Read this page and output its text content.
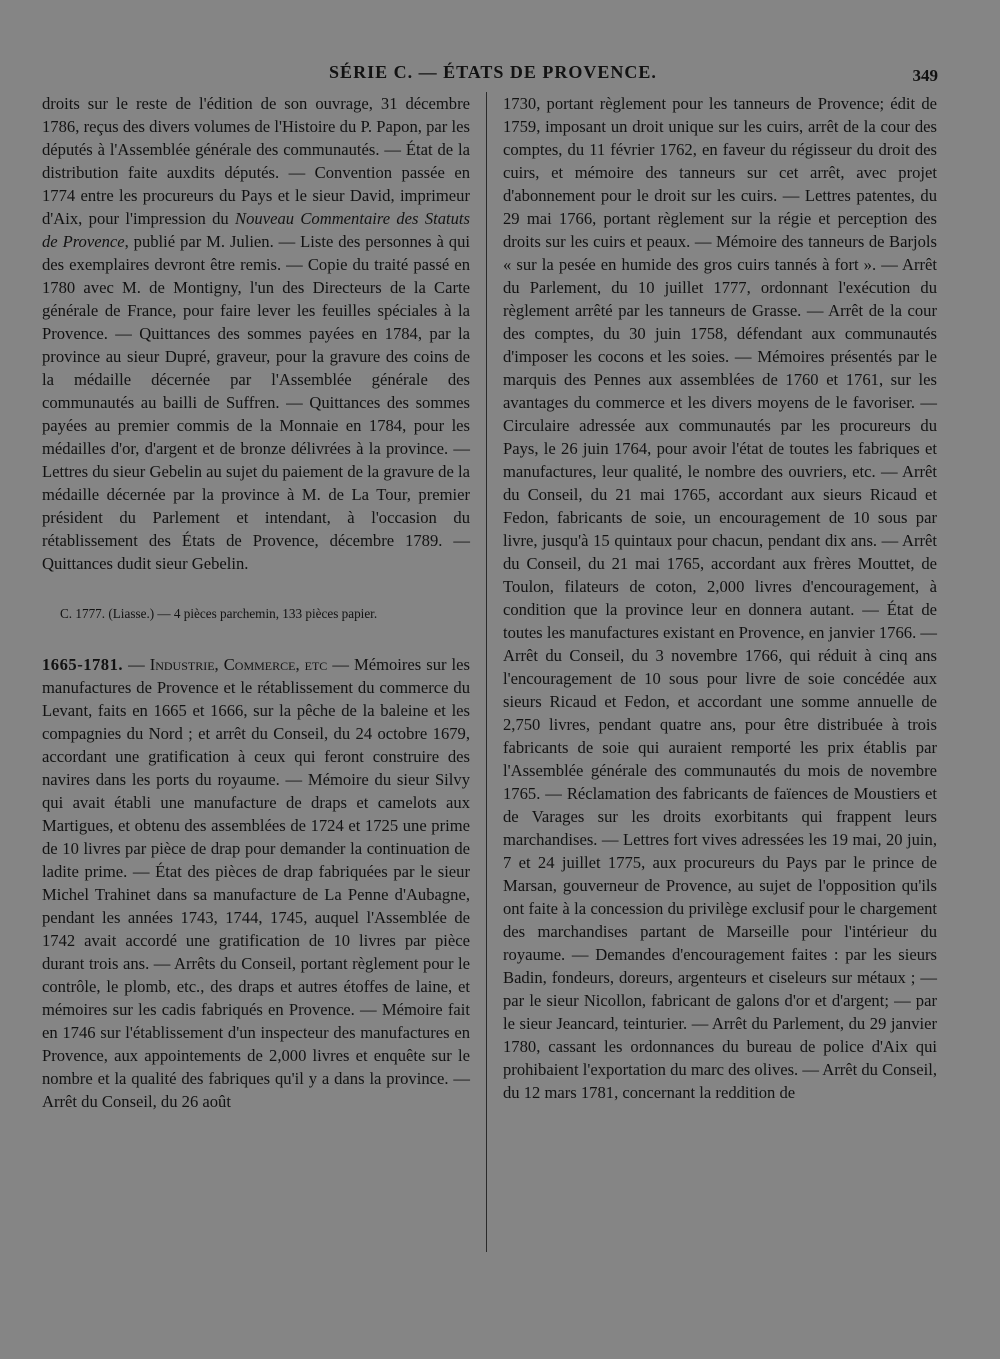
SÉRIE C. — ÉTATS DE PROVENCE.	349

droits sur le reste de l'édition de son ouvrage, 31 décembre 1786, reçus des divers volumes de l'Histoire du P. Papon, par les députés à l'Assemblée générale des communautés. — État de la distribution faite auxdits députés. — Convention passée en 1774 entre les procureurs du Pays et le sieur David, imprimeur d'Aix, pour l'impression du Nouveau Commentaire des Statuts de Provence, publié par M. Julien. — Liste des personnes à qui des exemplaires devront être remis. — Copie du traité passé en 1780 avec M. de Montigny, l'un des Directeurs de la Carte générale de France, pour faire lever les feuilles spéciales à la Provence. — Quittances des sommes payées en 1784, par la province au sieur Dupré, graveur, pour la gravure des coins de la médaille décernée par l'Assemblée générale des communautés au bailli de Suffren. — Quittances des sommes payées au premier commis de la Monnaie en 1784, pour les médailles d'or, d'argent et de bronze délivrées à la province. — Lettres du sieur Gebelin au sujet du paiement de la gravure de la médaille décernée par la province à M. de La Tour, premier président du Parlement et intendant, à l'occasion du rétablissement des États de Provence, décembre 1789. — Quittances dudit sieur Gebelin.

C. 1777. (Liasse.) — 4 pièces parchemin, 133 pièces papier.

1665-1781. — Industrie, Commerce, etc — Mémoires sur les manufactures de Provence et le rétablissement du commerce du Levant, faits en 1665 et 1666, sur la pêche de la baleine et les compagnies du Nord ; et arrêt du Conseil, du 24 octobre 1679, accordant une gratification à ceux qui feront construire des navires dans les ports du royaume. — Mémoire du sieur Silvy qui avait établi une manufacture de draps et camelots aux Martigues, et obtenu des assemblées de 1724 et 1725 une prime de 10 livres par pièce de drap pour demander la continuation de ladite prime. — État des pièces de drap fabriquées par le sieur Michel Trahinet dans sa manufacture de La Penne d'Aubagne, pendant les années 1743, 1744, 1745, auquel l'Assemblée de 1742 avait accordé une gratification de 10 livres par pièce durant trois ans. — Arrêts du Conseil, portant règlement pour le contrôle, le plomb, etc., des draps et autres étoffes de laine, et mémoires sur les cadis fabriqués en Provence. — Mémoire fait en 1746 sur l'établissement d'un inspecteur des manufactures en Provence, aux appointements de 2,000 livres et enquête sur le nombre et la qualité des fabriques qu'il y a dans la province. — Arrêt du Conseil, du 26 août

1730, portant règlement pour les tanneurs de Provence; édit de 1759, imposant un droit unique sur les cuirs, arrêt de la cour des comptes, du 11 février 1762, en faveur du régisseur du droit des cuirs, et mémoire des tanneurs sur cet arrêt, avec projet d'abonnement pour le droit sur les cuirs. — Lettres patentes, du 29 mai 1766, portant règlement sur la régie et perception des droits sur les cuirs et peaux. — Mémoire des tanneurs de Barjols « sur la pesée en humide des gros cuirs tannés à fort ». — Arrêt du Parlement, du 10 juillet 1777, ordonnant l'exécution du règlement arrêté par les tanneurs de Grasse. — Arrêt de la cour des comptes, du 30 juin 1758, défendant aux communautés d'imposer les cocons et les soies. — Mémoires présentés par le marquis des Pennes aux assemblées de 1760 et 1761, sur les avantages du commerce et les divers moyens de le favoriser. — Circulaire adressée aux communautés par les procureurs du Pays, le 26 juin 1764, pour avoir l'état de toutes les fabriques et manufactures, leur qualité, le nombre des ouvriers, etc. — Arrêt du Conseil, du 21 mai 1765, accordant aux sieurs Ricaud et Fedon, fabricants de soie, un encouragement de 10 sous par livre, jusqu'à 15 quintaux pour chacun, pendant dix ans. — Arrêt du Conseil, du 21 mai 1765, accordant aux frères Mouttet, de Toulon, filateurs de coton, 2,000 livres d'encouragement, à condition que la province leur en donnera autant. — État de toutes les manufactures existant en Provence, en janvier 1766. — Arrêt du Conseil, du 3 novembre 1766, qui réduit à cinq ans l'encouragement de 10 sous pour livre de soie concédée aux sieurs Ricaud et Fedon, et accordant une somme annuelle de 2,750 livres, pendant quatre ans, pour être distribuée à trois fabricants de soie qui auraient remporté les prix établis par l'Assemblée générale des communautés du mois de novembre 1765. — Réclamation des fabricants de faïences de Moustiers et de Varages sur les droits exorbitants qui frappent leurs marchandises. — Lettres fort vives adressées les 19 mai, 20 juin, 7 et 24 juillet 1775, aux procureurs du Pays par le prince de Marsan, gouverneur de Provence, au sujet de l'opposition qu'ils ont faite à la concession du privilège exclusif pour le chargement des marchandises partant de Marseille pour l'intérieur du royaume. — Demandes d'encouragement faites : par les sieurs Badin, fondeurs, doreurs, argenteurs et ciseleurs sur métaux ; — par le sieur Nicollon, fabricant de galons d'or et d'argent; — par le sieur Jeancard, teinturier. — Arrêt du Parlement, du 29 janvier 1780, cassant les ordonnances du bureau de police d'Aix qui prohibaient l'exportation du marc des olives. — Arrêt du Conseil, du 12 mars 1781, concernant la reddition de
